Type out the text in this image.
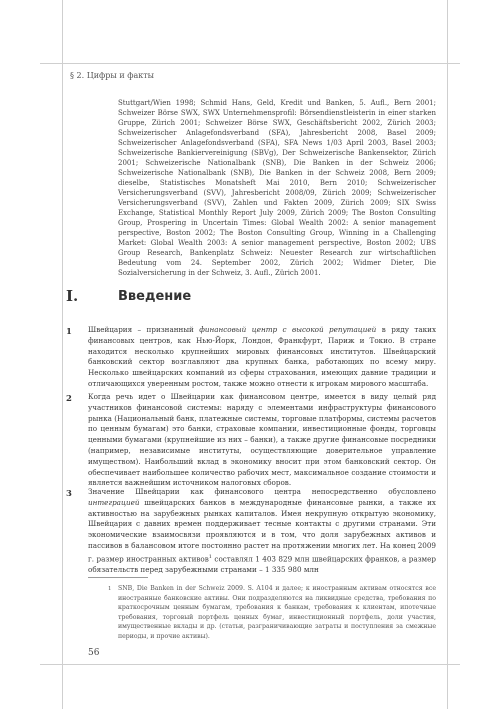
§ 2. Цифры и факты
Stuttgart/Wien 1998; Schmid Hans, Geld, Kredit und Banken, 5. Aufl., Bern 2001; Schweizer Börse SWX, SWX Unternehmensprofil: Börsendienstleisterin in einer starken Gruppe, Zürich 2001; Schweizer Börse SWX, Geschäftsbericht 2002, Zürich 2003; Schweizerischer Anlagefondsverband (SFA), Jahresbericht 2008, Basel 2009; Schweizerischer Anlagefondsverband (SFA), SFA News 1/03 April 2003, Basel 2003; Schweizerische Bankiervereinigung (SBVg), Der Schweizerische Bankensektor, Zürich 2001; Schweizerische Nationalbank (SNB), Die Banken in der Schweiz 2006; Schweizerische Nationalbank (SNB), Die Banken in der Schweiz 2008, Bern 2009; dieselbe, Statistisches Monatsheft Mai 2010, Bern 2010; Schweizerischer Versicherungsverband (SVV), Jahresbericht 2008/09, Zürich 2009; Schweizerischer Versicherungsverband (SVV), Zahlen und Fakten 2009, Zürich 2009; SIX Swiss Exchange, Statistical Monthly Report July 2009, Zürich 2009; The Boston Consulting Group, Prospering in Uncertain Times: Global Wealth 2002: A senior management perspective, Boston 2002; The Boston Consulting Group, Winning in a Challenging Market: Global Wealth 2003: A senior management perspective, Boston 2002; UBS Group Research, Bankenplatz Schweiz: Neuester Research zur wirtschaftlichen Bedeutung vom 24. September 2002, Zürich 2002; Widmer Dieter, Die Sozialversicherung in der Schweiz, 3. Aufl., Zürich 2001.
I.	Введение
1 Швейцария – признанный финансовый центр с высокой репутацией в ряду таких финансовых центров, как Нью-Йорк, Лондон, Франкфурт, Париж и Токио. В стране находится несколько крупнейших мировых финансовых институтов. Швейцарский банковский сектор возглавляют два крупных банка, работающих по всему миру. Несколько швейцарских компаний из сферы страхования, имеющих давние традиции и отличающихся уверенным ростом, также можно отнести к игрокам мирового масштаба.
2 Когда речь идет о Швейцарии как финансовом центре, имеется в виду целый ряд участников финансовой системы: наряду с элементами инфраструктуры финансового рынка (Национальный банк, платежные системы, торговые платформы, системы расчетов по ценным бумагам) это банки, страховые компании, инвестиционные фонды, торговцы ценными бумагами (крупнейшие из них – банки), а также другие финансовые посредники (например, независимые институты, осуществляющие доверительное управление имуществом). Наибольший вклад в экономику вносит при этом банковский сектор. Он обеспечивает наибольшее количество рабочих мест, максимальное создание стоимости и является важнейшим источником налоговых сборов.
3 Значение Швейцарии как финансового центра непосредственно обусловлено интеграцией швейцарских банков в международные финансовые рынки, а также их активностью на зарубежных рынках капиталов. Имея некрупную открытую экономику, Швейцария с давних времен поддерживает тесные контакты с другими странами. Эти экономические взаимосвязи проявляются и в том, что доля зарубежных активов и пассивов в балансовом итоге постоянно растет на протяжении многих лет. На конец 2009 г. размер иностранных активов$^1$ составлял 1 403 829 млн швейцарских франков, а размер обязательств перед зарубежными странами – 1 335 980 млн
1 SNB, Die Banken in der Schweiz 2009. S. A104 и далее; к иностранным активам относятся все иностранные банковские активы. Они подразделяются на ликвидные средства, требования по краткосрочным ценным бумагам, требования к банкам, требования к клиентам, ипотечные требования, торговый портфель ценных бумаг, инвестиционный портфель, доли участия, имущественные вклады и др. (статьи, разграничивающие затраты и поступления за смежные периоды, и прочие активы).
56
